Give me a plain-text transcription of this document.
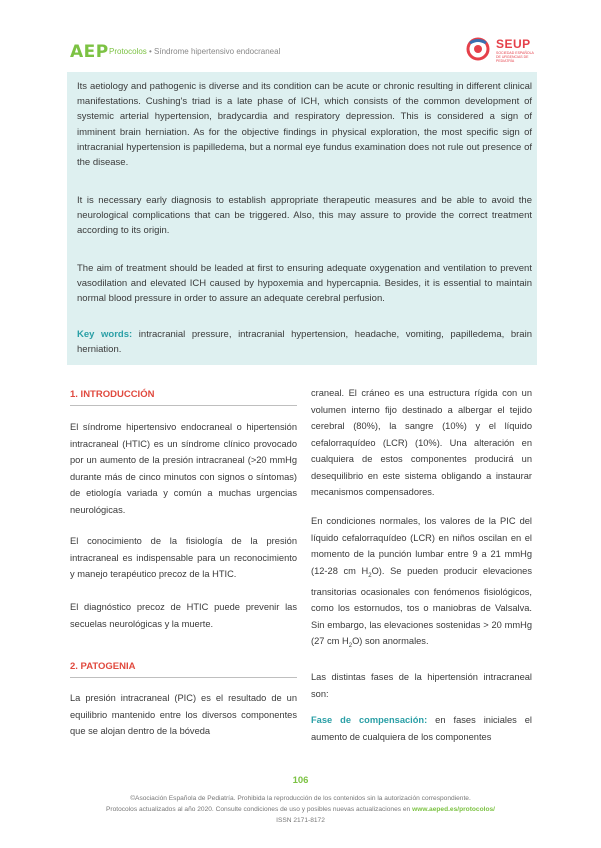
AEP Protocolos • Síndrome hipertensivo endocraneal
SEUP
SOCIEDAD ESPAÑOLA DE URGENCIAS DE PEDIATRÍA

Its aetiology and pathogenic is diverse and its condition can be acute or chronic resulting in different clinical manifestations. Cushing's triad is a late phase of ICH, which consists of the common development of systemic arterial hypertension, bradycardia and respiratory depression. This is considered a sign of imminent brain herniation. As for the objective findings in physical exploration, the most specific sign of intracranial hypertension is papilledema, but a normal eye fundus examination does not rule out presence of the disease.

It is necessary early diagnosis to establish appropriate therapeutic measures and be able to avoid the neurological complications that can be triggered. Also, this may assure to provide the correct treatment according to its origin.

The aim of treatment should be leaded at first to ensuring adequate oxygenation and ventilation to prevent vasodilation and elevated ICH caused by hypoxemia and hypercapnia. Besides, it is essential to maintain normal blood pressure in order to assure an adequate cerebral perfusion.

Key words: intracranial pressure, intracranial hypertension, headache, vomiting, papilledema, brain herniation.

1. INTRODUCCIÓN
El síndrome hipertensivo endocraneal o hipertensión intracraneal (HTIC) es un síndrome clínico provocado por un aumento de la presión intracraneal (>20 mmHg durante más de cinco minutos con signos o síntomas) de etiología variada y común a muchas urgencias neurológicas.
El conocimiento de la fisiología de la presión intracraneal es indispensable para un reconocimiento y manejo terapéutico precoz de la HTIC.
El diagnóstico precoz de HTIC puede prevenir las secuelas neurológicas y la muerte.
2. PATOGENIA
La presión intracraneal (PIC) es el resultado de un equilibrio mantenido entre los diversos componentes que se alojan dentro de la bóveda
craneal. El cráneo es una estructura rígida con un volumen interno fijo destinado a albergar el tejido cerebral (80%), la sangre (10%) y el líquido cefalorraquídeo (LCR) (10%). Una alteración en cualquiera de estos componentes producirá un desequilibrio en este sistema obligando a instaurar mecanismos compensadores.
En condiciones normales, los valores de la PIC del líquido cefalorraquídeo (LCR) en niños oscilan en el momento de la punción lumbar entre 9 a 21 mmHg (12-28 cm $H_2O$). Se pueden producir elevaciones transitorias ocasionales con fenómenos fisiológicos, como los estornudos, tos o maniobras de Valsalva. Sin embargo, las elevaciones sostenidas > 20 mmHg (27 cm $H_2O$) son anormales.
Las distintas fases de la hipertensión intracraneal son:
Fase de compensación: en fases iniciales el aumento de cualquiera de los componentes
106
©Asociación Española de Pediatría. Prohibida la reproducción de los contenidos sin la autorización correspondiente.
Protocolos actualizados al año 2020. Consulte condiciones de uso y posibles nuevas actualizaciones en www.aeped.es/protocolos/
ISSN 2171-8172
